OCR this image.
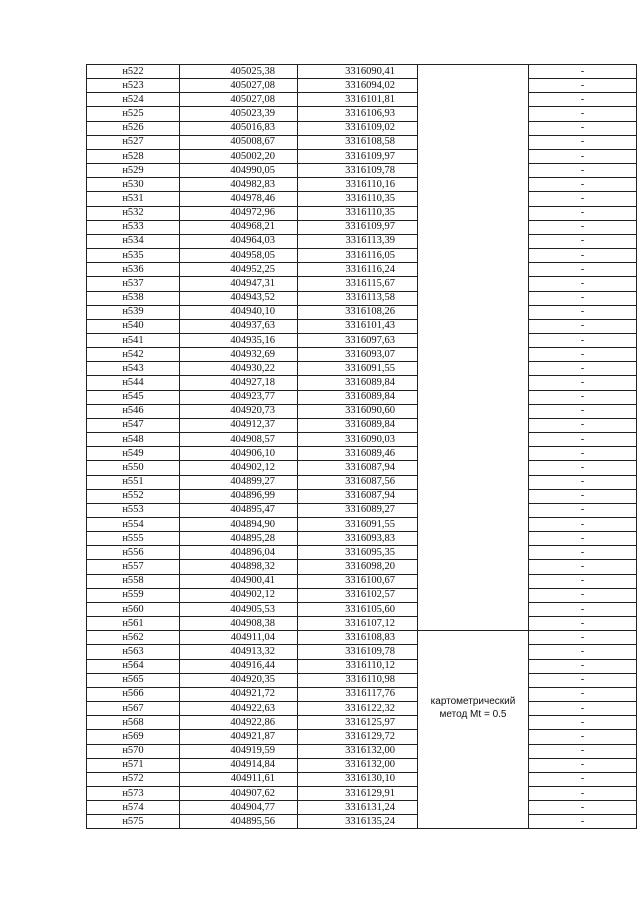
н522	405025,38	3316090,41		-
н523	405027,08	3316094,02		-
н524	405027,08	3316101,81		-
н525	405023,39	3316106,93		-
н526	405016,83	3316109,02		-
н527	405008,67	3316108,58		-
н528	405002,20	3316109,97		-
н529	404990,05	3316109,78		-
н530	404982,83	3316110,16		-
н531	404978,46	3316110,35		-
н532	404972,96	3316110,35		-
н533	404968,21	3316109,97		-
н534	404964,03	3316113,39		-
н535	404958,05	3316116,05		-
н536	404952,25	3316116,24		-
н537	404947,31	3316115,67		-
н538	404943,52	3316113,58		-
н539	404940,10	3316108,26		-
н540	404937,63	3316101,43		-
н541	404935,16	3316097,63		-
н542	404932,69	3316093,07		-
н543	404930,22	3316091,55		-
н544	404927,18	3316089,84		-
н545	404923,77	3316089,84		-
н546	404920,73	3316090,60		-
н547	404912,37	3316089,84		-
н548	404908,57	3316090,03		-
н549	404906,10	3316089,46		-
н550	404902,12	3316087,94		-
н551	404899,27	3316087,56		-
н552	404896,99	3316087,94		-
н553	404895,47	3316089,27		-
н554	404894,90	3316091,55		-
н555	404895,28	3316093,83		-
н556	404896,04	3316095,35		-
н557	404898,32	3316098,20		-
н558	404900,41	3316100,67		-
н559	404902,12	3316102,57		-
н560	404905,53	3316105,60		-
н561	404908,38	3316107,12		-
н562	404911,04	3316108,83	картометрический
метод Mt = 0.5	-
н563	404913,32	3316109,78		-
н564	404916,44	3316110,12		-
н565	404920,35	3316110,98		-
н566	404921,72	3316117,76		-
н567	404922,63	3316122,32		-
н568	404922,86	3316125,97		-
н569	404921,87	3316129,72		-
н570	404919,59	3316132,00		-
н571	404914,84	3316132,00		-
н572	404911,61	3316130,10		-
н573	404907,62	3316129,91		-
н574	404904,77	3316131,24		-
н575	404895,56	3316135,24		-
